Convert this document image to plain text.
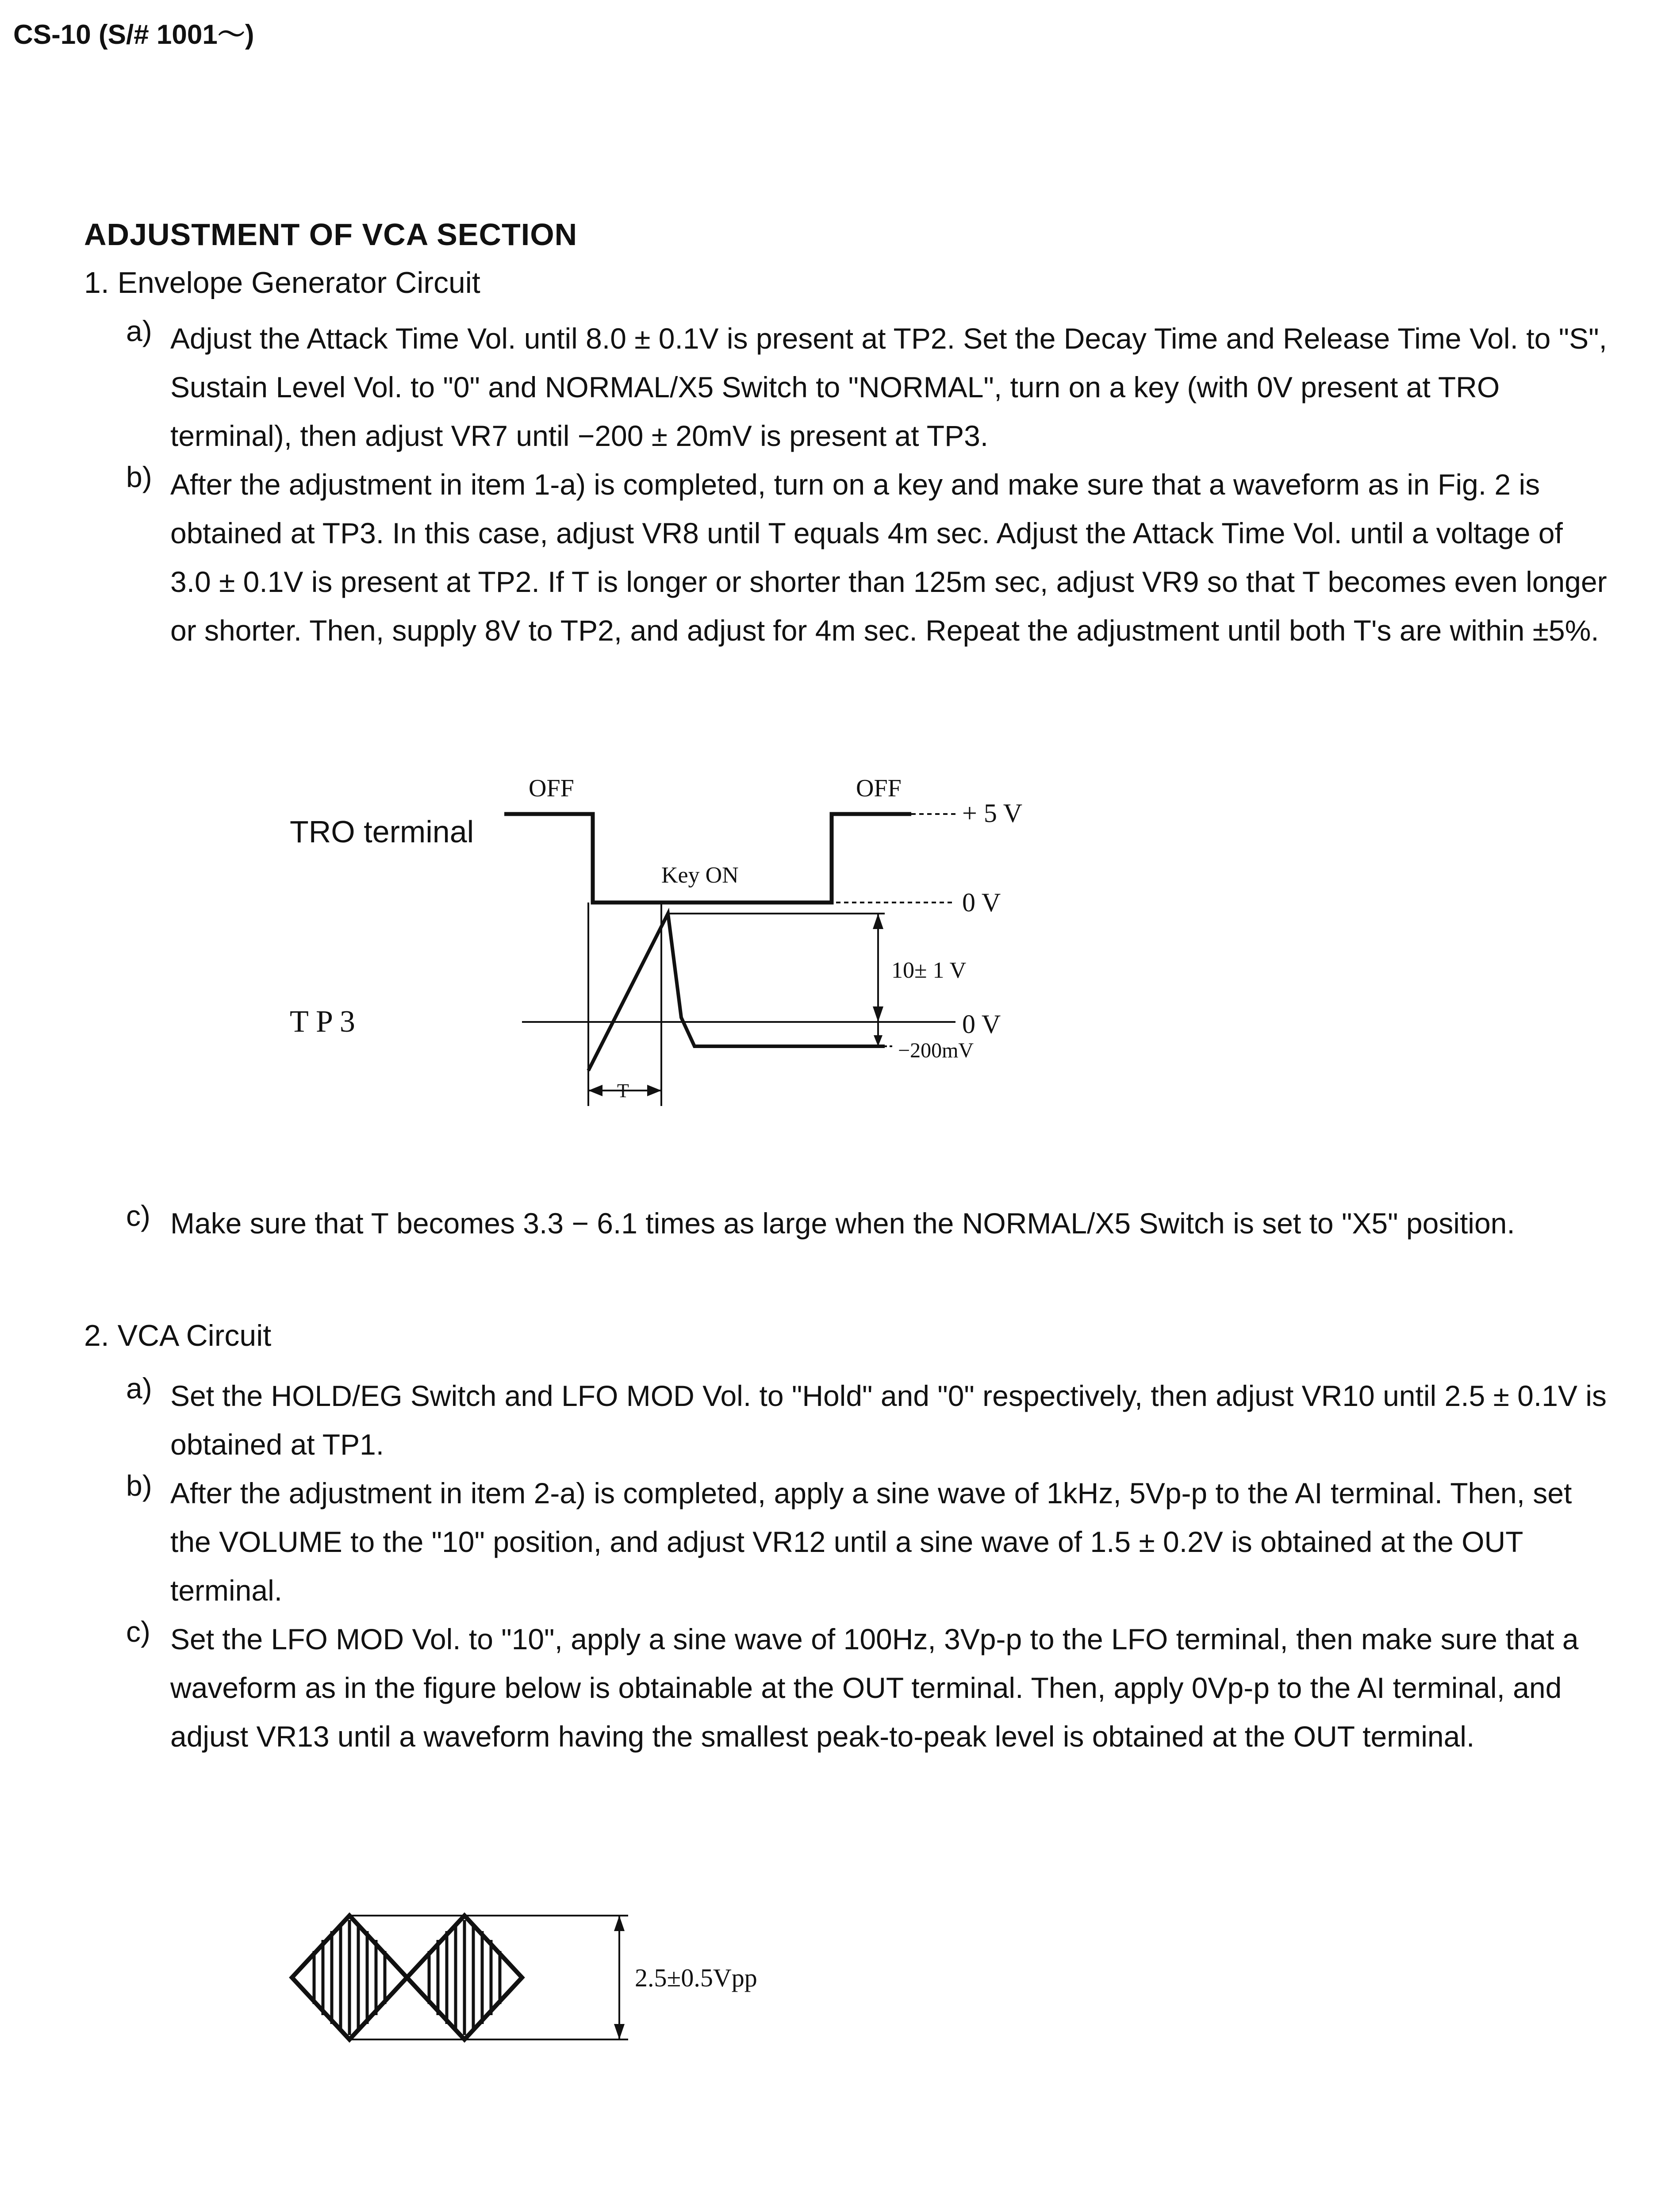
CS-10 (S/# 1001～)
ADJUSTMENT OF VCA SECTION
1. Envelope Generator Circuit
a) Adjust the Attack Time Vol. until 8.0 ± 0.1V is present at TP2. Set the Decay Time and Release Time Vol. to "S", Sustain Level Vol. to "0" and NORMAL/X5 Switch to "NORMAL", turn on a key (with 0V present at TRO terminal), then adjust VR7 until −200 ± 20mV is present at TP3.
b) After the adjustment in item 1-a) is completed, turn on a key and make sure that a waveform as in Fig. 2 is obtained at TP3. In this case, adjust VR8 until T equals 4m sec. Adjust the Attack Time Vol. until a voltage of 3.0 ± 0.1V is present at TP2. If T is longer or shorter than 125m sec, adjust VR9 so that T becomes even longer or shorter. Then, supply 8V to TP2, and adjust for 4m sec. Repeat the adjustment until both T's are within ±5%.
TRO terminal
T P 3
OFF	OFF
+ 5 V
Key ON
0 V
10± 1 V
0 V
−200mV
T
c) Make sure that T becomes 3.3 − 6.1 times as large when the NORMAL/X5 Switch is set to "X5" position.
2. VCA Circuit
a) Set the HOLD/EG Switch and LFO MOD Vol. to "Hold" and "0" respectively, then adjust VR10 until 2.5 ± 0.1V is obtained at TP1.
b) After the adjustment in item 2-a) is completed, apply a sine wave of 1kHz, 5Vp-p to the AI terminal. Then, set the VOLUME to the "10" position, and adjust VR12 until a sine wave of 1.5 ± 0.2V is obtained at the OUT terminal.
c) Set the LFO MOD Vol. to "10", apply a sine wave of 100Hz, 3Vp-p to the LFO terminal, then make sure that a waveform as in the figure below is obtainable at the OUT terminal. Then, apply 0Vp-p to the AI terminal, and adjust VR13 until a waveform having the smallest peak-to-peak level is obtained at the OUT terminal.
2.5±0.5Vpp
